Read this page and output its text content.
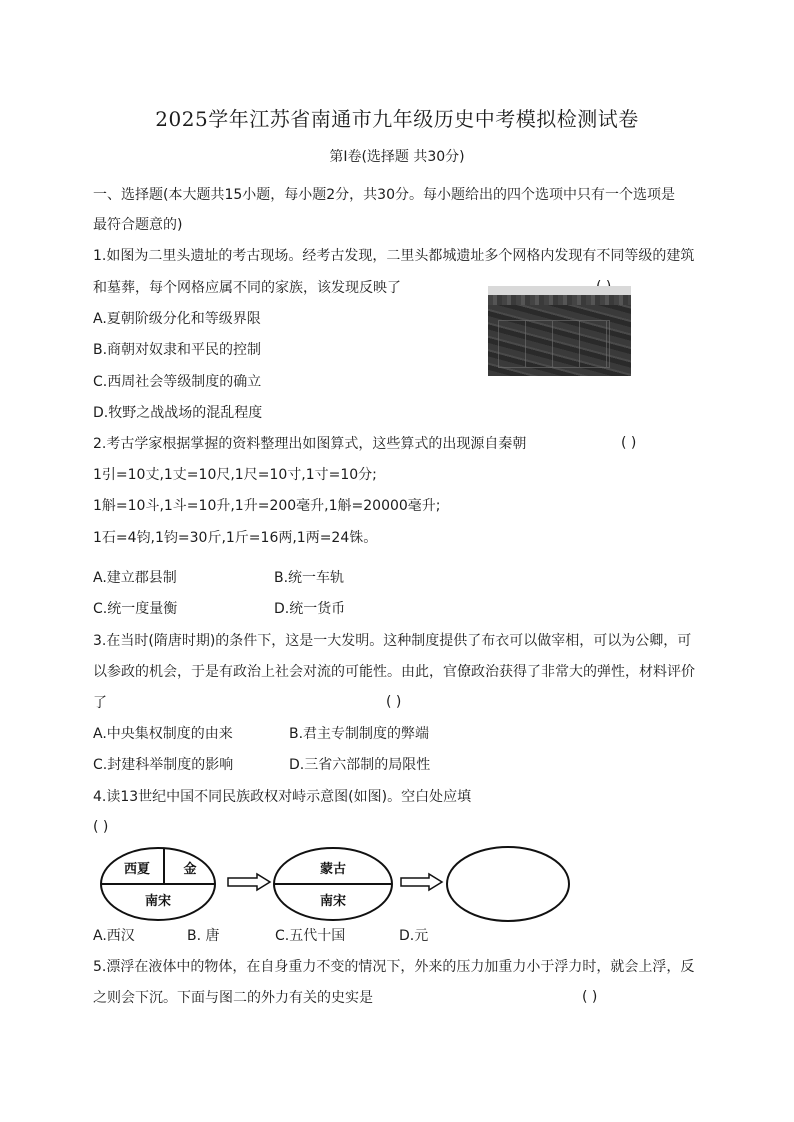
2025学年江苏省南通市九年级历史中考模拟检测试卷
第Ⅰ卷(选择题 共30分)
一、选择题(本大题共15小题，每小题2分，共30分。每小题给出的四个选项中只有一个选项是
最符合题意的)
1.如图为二里头遗址的考古现场。经考古发现，二里头都城遗址多个网格内发现有不同等级的建筑
和墓葬，每个网格应属不同的家族，该发现反映了
A.夏朝阶级分化和等级界限
B.商朝对奴隶和平民的控制
C.西周社会等级制度的确立
D.牧野之战战场的混乱程度
2.考古学家根据掌握的资料整理出如图算式，这些算式的出现源自秦朝	( )
1引=10丈,1丈=10尺,1尺=10寸,1寸=10分;
1斛=10斗,1斗=10升,1升=200毫升,1斛=20000毫升;
1石=4钧,1钧=30斤,1斤=16两,1两=24铢。
A.建立郡县制	B.统一车轨
C.统一度量衡	D.统一货币
3.在当时(隋唐时期)的条件下，这是一大发明。这种制度提供了布衣可以做宰相，可以为公卿，可
以参政的机会，于是有政治上社会对流的可能性。由此，官僚政治获得了非常大的弹性，材料评价
了	( )
A.中央集权制度的由来	B.君主专制制度的弊端
C.封建科举制度的影响	D.三省六部制的局限性
4.读13世纪中国不同民族政权对峙示意图(如图)。空白处应填
( )
西夏	金
南宋
蒙古
南宋
A.西汉	B. 唐	C.五代十国	D.元
5.漂浮在液体中的物体，在自身重力不变的情况下，外来的压力加重力小于浮力时，就会上浮，反
之则会下沉。下面与图二的外力有关的史实是	( )
